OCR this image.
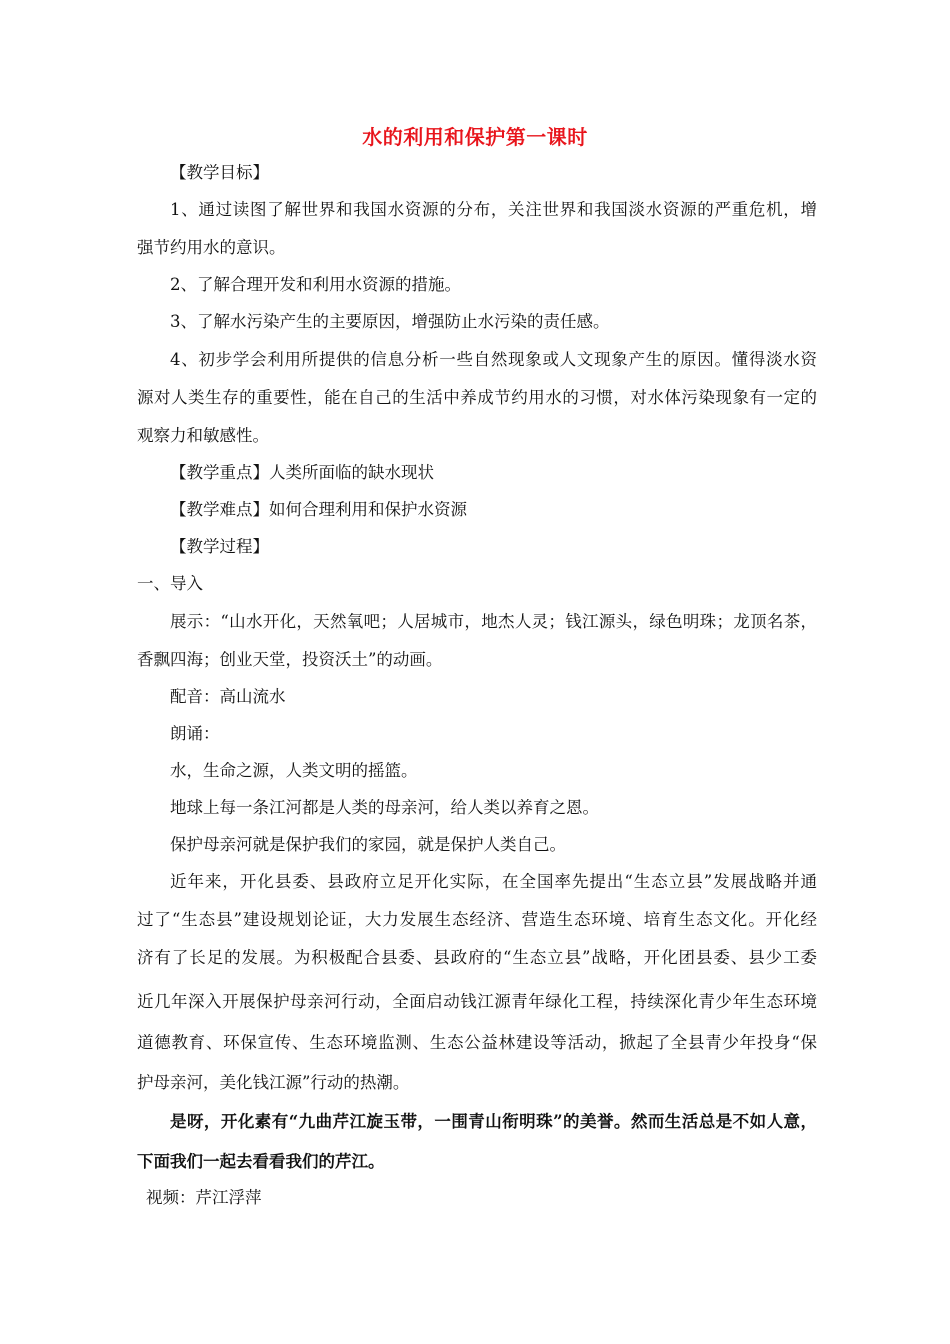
水的利用和保护第一课时
【教学目标】
1、通过读图了解世界和我国水资源的分布，关注世界和我国淡水资源的严重危机，增
强节约用水的意识。
2、了解合理开发和利用水资源的措施。
3、了解水污染产生的主要原因，增强防止水污染的责任感。
4、初步学会利用所提供的信息分析一些自然现象或人文现象产生的原因。懂得淡水资
源对人类生存的重要性，能在自己的生活中养成节约用水的习惯，对水体污染现象有一定的
观察力和敏感性。
【教学重点】人类所面临的缺水现状
【教学难点】如何合理利用和保护水资源
【教学过程】
一、导入
展示：“山水开化，天然氧吧；人居城市，地杰人灵；钱江源头，绿色明珠；龙顶名茶，
香飘四海；创业天堂，投资沃土”的动画。
配音：高山流水
朗诵：
水，生命之源，人类文明的摇篮。
地球上每一条江河都是人类的母亲河，给人类以养育之恩。
保护母亲河就是保护我们的家园，就是保护人类自己。
近年来，开化县委、县政府立足开化实际，在全国率先提出“生态立县”发展战略并通
过了“生态县”建设规划论证，大力发展生态经济、营造生态环境、培育生态文化。开化经
济有了长足的发展。为积极配合县委、县政府的“生态立县”战略，开化团县委、县少工委
近几年深入开展保护母亲河行动，全面启动钱江源青年绿化工程，持续深化青少年生态环境
道德教育、环保宣传、生态环境监测、生态公益林建设等活动，掀起了全县青少年投身“保
护母亲河，美化钱江源”行动的热潮。
是呀，开化素有“九曲芹江旋玉带，一围青山衔明珠”的美誉。然而生活总是不如人意，
下面我们一起去看看我们的芹江。
视频：芹江浮萍
